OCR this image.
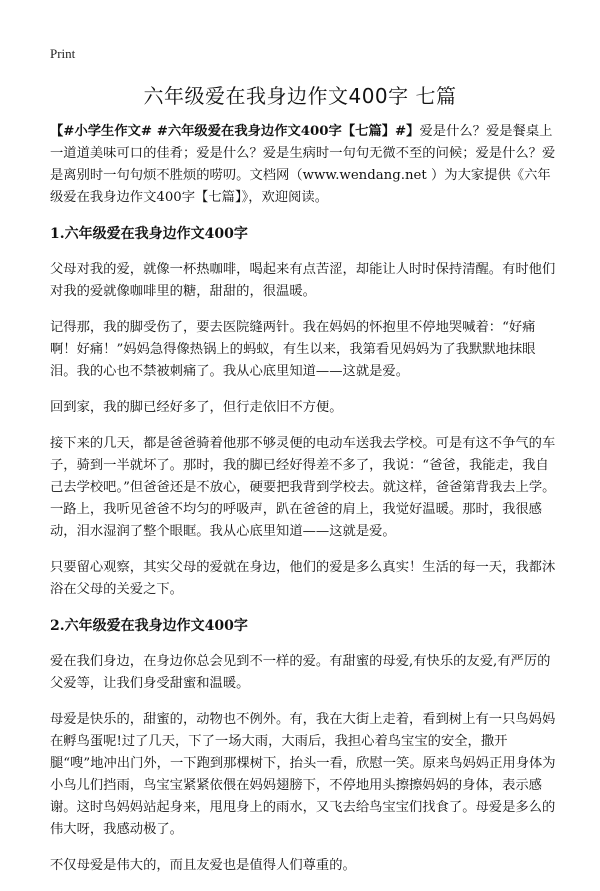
Print
六年级爱在我身边作文400字 七篇

【#小学生作文# #六年级爱在我身边作文400字【七篇】#】爱是什么？爱是餐桌上一道道美味可口的佳肴；爱是什么？爱是生病时一句句无微不至的问候；爱是什么？爱是离别时一句句烦不胜烦的唠叨。文档网（www.wendang.net ）为大家提供《六年级爱在我身边作文400字【七篇】》，欢迎阅读。

1.六年级爱在我身边作文400字

父母对我的爱，就像一杯热咖啡，喝起来有点苦涩，却能让人时时保持清醒。有时他们对我的爱就像咖啡里的糖，甜甜的，很温暖。

记得那，我的脚受伤了，要去医院缝两针。我在妈妈的怀抱里不停地哭喊着：“好痛啊！好痛！”妈妈急得像热锅上的蚂蚁，有生以来，我第看见妈妈为了我默默地抹眼泪。我的心也不禁被刺痛了。我从心底里知道——这就是爱。

回到家，我的脚已经好多了，但行走依旧不方便。

接下来的几天，都是爸爸骑着他那不够灵便的电动车送我去学校。可是有这不争气的车子，骑到一半就坏了。那时，我的脚已经好得差不多了，我说：“爸爸，我能走，我自己去学校吧。”但爸爸还是不放心，硬要把我背到学校去。就这样，爸爸第背我去上学。一路上，我听见爸爸不均匀的呼吸声，趴在爸爸的肩上，我觉好温暖。那时，我很感动，泪水湿润了整个眼眶。我从心底里知道——这就是爱。

只要留心观察，其实父母的爱就在身边，他们的爱是多么真实！生活的每一天，我都沐浴在父母的关爱之下。

2.六年级爱在我身边作文400字

爱在我们身边，在身边你总会见到不一样的爱。有甜蜜的母爱,有快乐的友爱,有严厉的父爱等，让我们身受甜蜜和温暖。

母爱是快乐的，甜蜜的，动物也不例外。有，我在大街上走着，看到树上有一只鸟妈妈在孵鸟蛋呢!过了几天，下了一场大雨，大雨后，我担心着鸟宝宝的安全，撒开腿“嗖”地冲出门外，一下跑到那棵树下，抬头一看，欣慰一笑。原来鸟妈妈正用身体为小鸟儿们挡雨，鸟宝宝紧紧依偎在妈妈翅膀下，不停地用头擦擦妈妈的身体，表示感谢。这时鸟妈妈站起身来，甩甩身上的雨水，又飞去给鸟宝宝们找食了。母爱是多么的伟大呀，我感动极了。

不仅母爱是伟大的，而且友爱也是值得人们尊重的。
